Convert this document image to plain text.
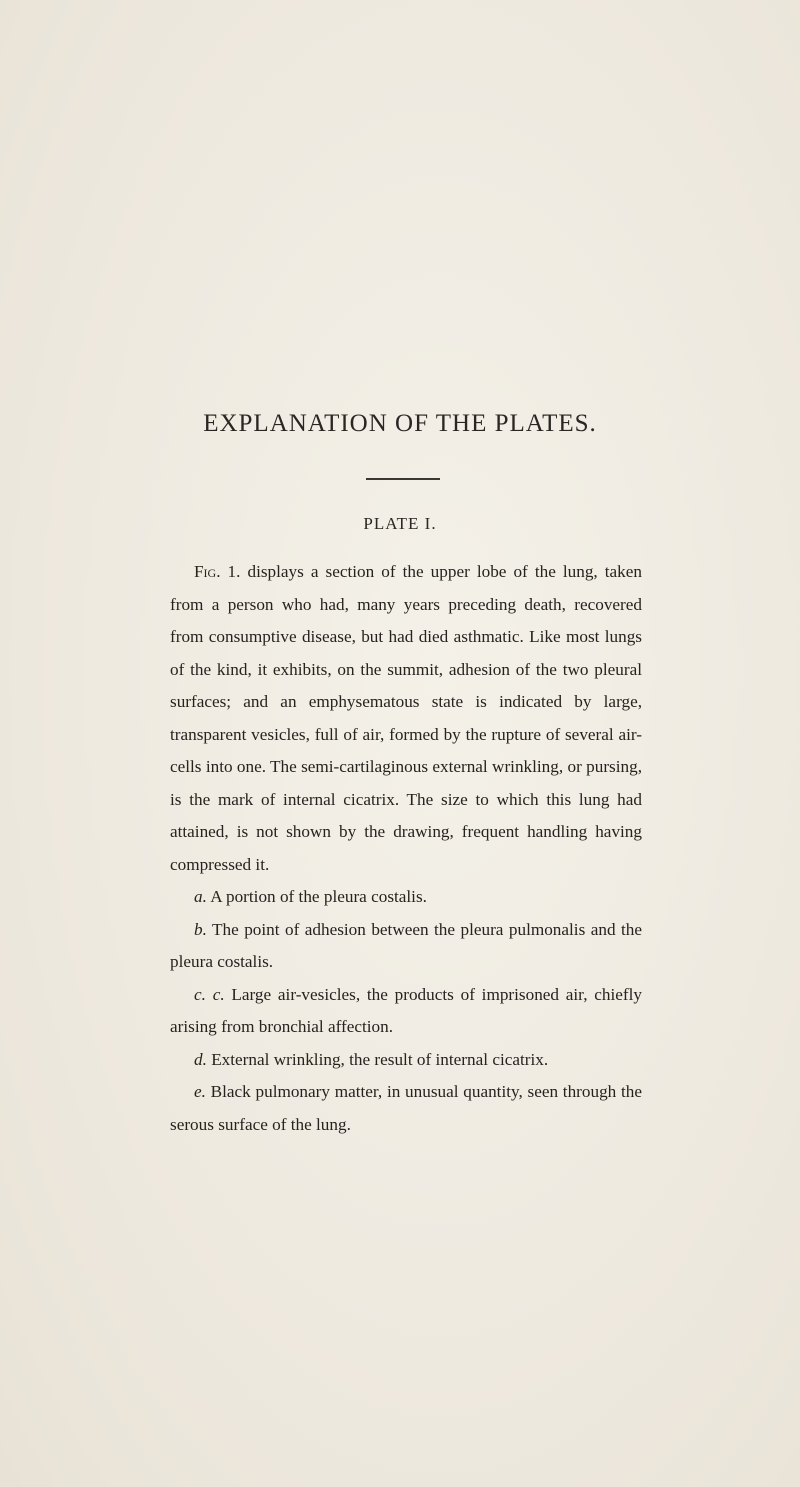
EXPLANATION OF THE PLATES.
PLATE I.

Fig. 1. displays a section of the upper lobe of the lung, taken from a person who had, many years preceding death, recovered from consumptive disease, but had died asthmatic. Like most lungs of the kind, it exhibits, on the summit, adhesion of the two pleural surfaces; and an emphysematous state is indicated by large, transparent vesicles, full of air, formed by the rupture of several air-cells into one. The semi-cartilaginous external wrinkling, or pursing, is the mark of internal cicatrix. The size to which this lung had attained, is not shown by the drawing, frequent handling having compressed it.

a. A portion of the pleura costalis.

b. The point of adhesion between the pleura pulmonalis and the pleura costalis.

c. c. Large air-vesicles, the products of imprisoned air, chiefly arising from bronchial affection.

d. External wrinkling, the result of internal cicatrix.

e. Black pulmonary matter, in unusual quantity, seen through the serous surface of the lung.
